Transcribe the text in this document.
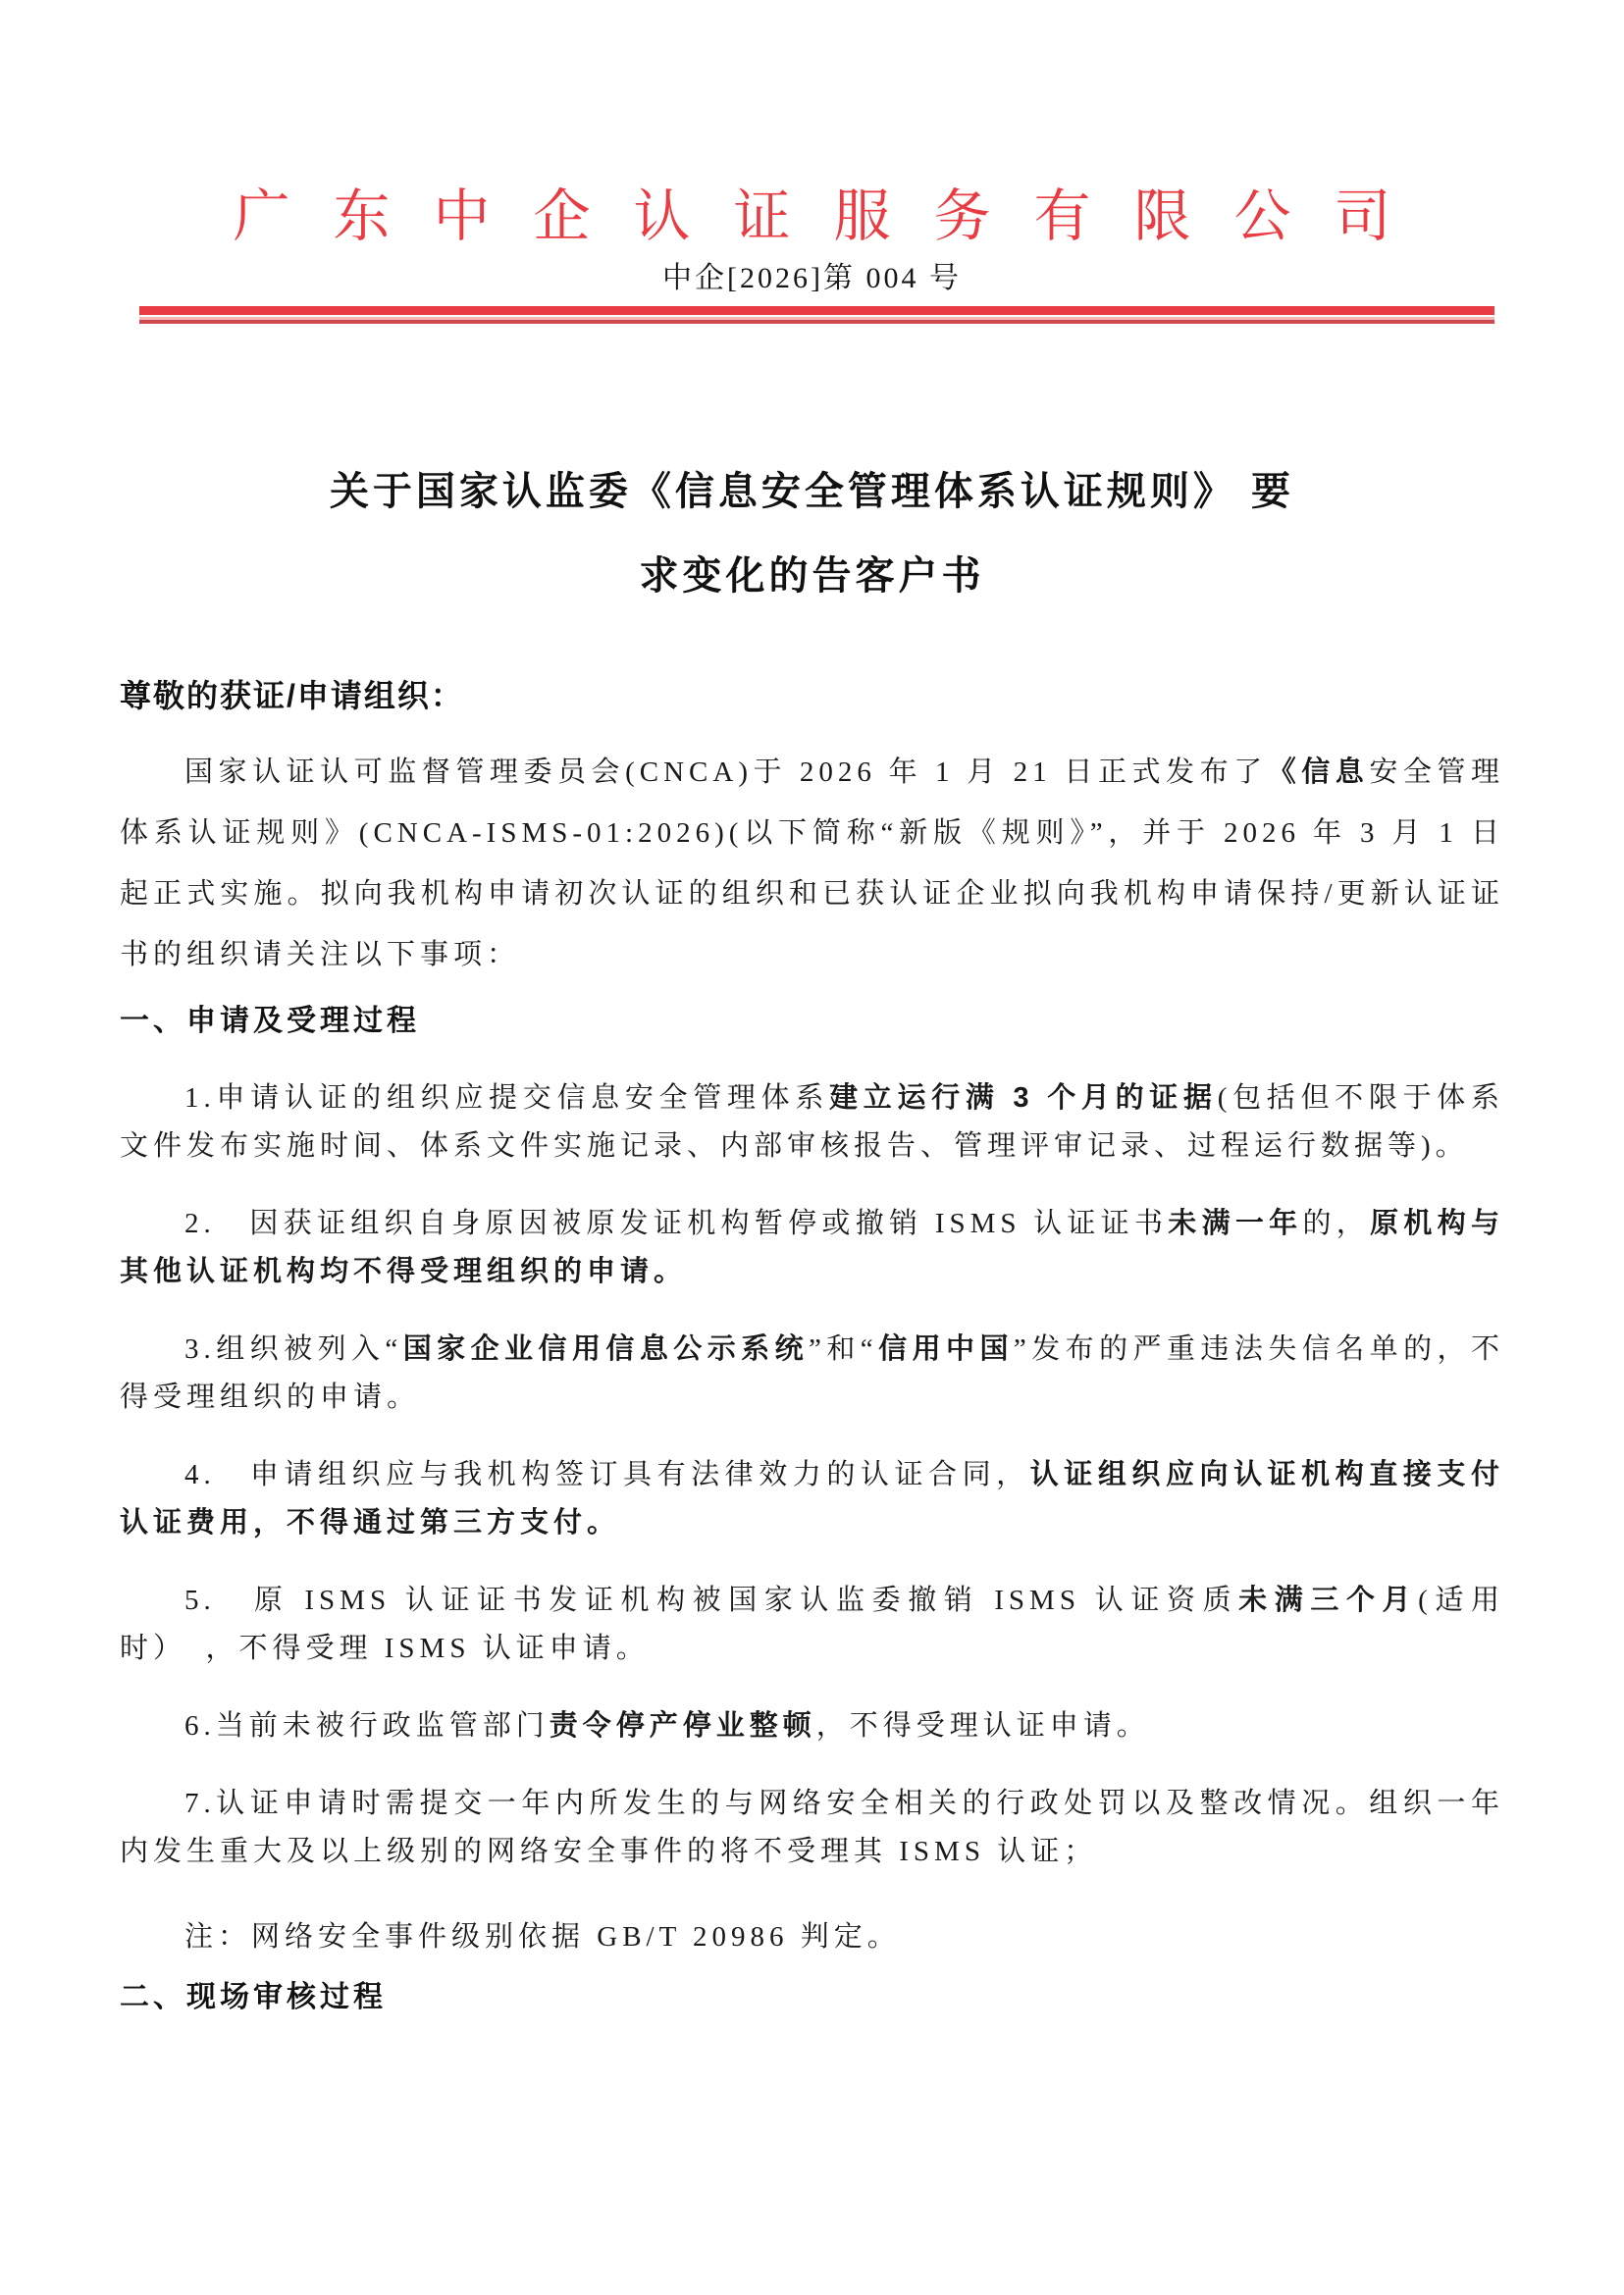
广东中企认证服务有限公司
中企[2026]第 004 号
关于国家认监委《信息安全管理体系认证规则》 要
求变化的告客户书
尊敬的获证/申请组织：
国家认证认可监督管理委员会(CNCA)于 2026 年 1 月 21 日正式发布了《信息安全管理体系认证规则》(CNCA-ISMS-01:2026)(以下简称“新版《规则》”，并于 2026 年 3 月 1 日起正式实施。拟向我机构申请初次认证的组织和已获认证企业拟向我机构申请保持/更新认证证书的组织请关注以下事项：
一、申请及受理过程
1.申请认证的组织应提交信息安全管理体系建立运行满 3 个月的证据(包括但不限于体系文件发布实施时间、体系文件实施记录、内部审核报告、管理评审记录、过程运行数据等)。
2.　因获证组织自身原因被原发证机构暂停或撤销 ISMS 认证证书未满一年的，原机构与其他认证机构均不得受理组织的申请。
3.组织被列入“国家企业信用信息公示系统”和“信用中国”发布的严重违法失信名单的，不得受理组织的申请。
4.　申请组织应与我机构签订具有法律效力的认证合同，认证组织应向认证机构直接支付认证费用，不得通过第三方支付。
5.　原 ISMS 认证证书发证机构被国家认监委撤销 ISMS 认证资质未满三个月(适用时）　，不得受理 ISMS 认证申请。
6.当前未被行政监管部门责令停产停业整顿，不得受理认证申请。
7.认证申请时需提交一年内所发生的与网络安全相关的行政处罚以及整改情况。组织一年内发生重大及以上级别的网络安全事件的将不受理其 ISMS 认证；
注：网络安全事件级别依据 GB/T 20986 判定。
二、现场审核过程
